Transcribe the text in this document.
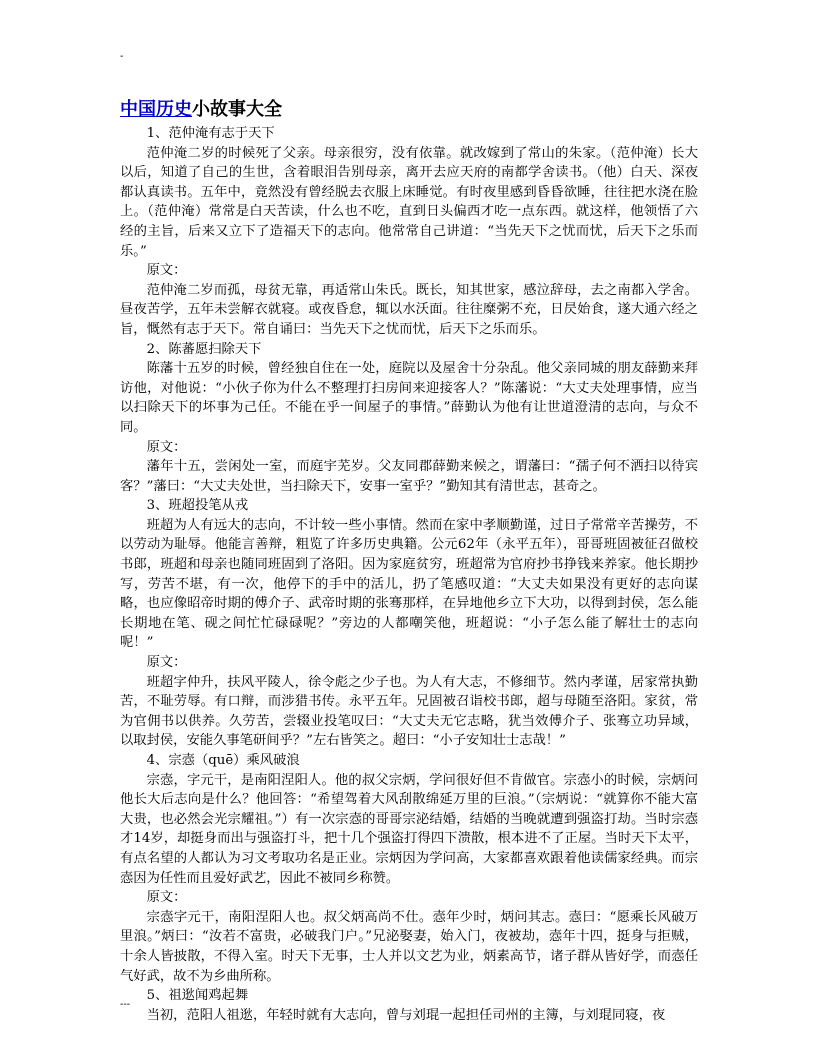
-
中国历史小故事大全
1、范仲淹有志于天下
范仲淹二岁的时候死了父亲。母亲很穷，没有依靠。就改嫁到了常山的朱家。（范仲淹）长大以后，知道了自己的生世，含着眼泪告别母亲，离开去应天府的南都学舍读书。（他）白天、深夜都认真读书。五年中，竟然没有曾经脱去衣服上床睡觉。有时夜里感到昏昏欲睡，往往把水浇在脸上。（范仲淹）常常是白天苦读，什么也不吃，直到日头偏西才吃一点东西。就这样，他领悟了六经的主旨，后来又立下了造福天下的志向。他常常自己讲道：“当先天下之忧而忧，后天下之乐而乐。”
原文：
范仲淹二岁而孤，母贫无靠，再适常山朱氏。既长，知其世家，感泣辞母，去之南都入学舍。昼夜苦学，五年未尝解衣就寝。或夜昏怠，辄以水沃面。往往糜粥不充，日昃始食，遂大通六经之旨，慨然有志于天下。常自诵曰：当先天下之忧而忧，后天下之乐而乐。
2、陈蕃愿扫除天下
陈藩十五岁的时候，曾经独自住在一处，庭院以及屋舍十分杂乱。他父亲同城的朋友薛勤来拜访他，对他说：“小伙子你为什么不整理打扫房间来迎接客人？”陈藩说：“大丈夫处理事情，应当以扫除天下的坏事为己任。不能在乎一间屋子的事情。”薛勤认为他有让世道澄清的志向，与众不同。
原文：
藩年十五，尝闲处一室，而庭宇芜岁。父友同郡薛勤来候之，谓藩曰：“孺子何不洒扫以待宾客？”藩曰：“大丈夫处世，当扫除天下，安事一室乎？”勤知其有清世志，甚奇之。
3、班超投笔从戎
班超为人有远大的志向，不计较一些小事情。然而在家中孝顺勤谨，过日子常常辛苦操劳，不以劳动为耻辱。他能言善辩，粗览了许多历史典籍。公元62年（永平五年），哥哥班固被征召做校书郎，班超和母亲也随同班固到了洛阳。因为家庭贫穷，班超常为官府抄书挣钱来养家。他长期抄写，劳苦不堪，有一次，他停下的手中的活儿，扔了笔感叹道：“大丈夫如果没有更好的志向谋略，也应像昭帝时期的傅介子、武帝时期的张骞那样，在异地他乡立下大功，以得到封侯，怎么能长期地在笔、砚之间忙忙碌碌呢？”旁边的人都嘲笑他，班超说：“小子怎么能了解壮士的志向呢！”
原文：
班超字仲升，扶风平陵人，徐令彪之少子也。为人有大志，不修细节。然内孝谨，居家常执勤苦，不耻劳辱。有口辩，而涉猎书传。永平五年。兄固被召诣校书郎，超与母随至洛阳。家贫，常为官佣书以供养。久劳苦，尝辍业投笔叹曰：“大丈夫无它志略，犹当效傅介子、张骞立功异域，以取封侯，安能久事笔研间乎？”左右皆笑之。超曰：“小子安知壮士志哉！”
4、宗悫（quē）乘风破浪
宗悫，字元干，是南阳涅阳人。他的叔父宗炳，学问很好但不肯做官。宗悫小的时候，宗炳问他长大后志向是什么？他回答：“希望驾着大风刮散绵延万里的巨浪。”（宗炳说：“就算你不能大富大贵，也必然会光宗耀祖。”）有一次宗悫的哥哥宗泌结婚，结婚的当晚就遭到强盗打劫。当时宗悫才14岁，却挺身而出与强盗打斗，把十几个强盗打得四下溃散，根本进不了正屋。当时天下太平，有点名望的人都认为习文考取功名是正业。宗炳因为学问高，大家都喜欢跟着他读儒家经典。而宗悫因为任性而且爱好武艺，因此不被同乡称赞。
原文：
宗悫字元干，南阳涅阳人也。叔父炳高尚不仕。悫年少时，炳问其志。悫曰：“愿乘长风破万里浪。”炳曰：“汝若不富贵，必破我门户。”兄泌娶妻，始入门，夜被劫，悫年十四，挺身与拒贼，十余人皆披散，不得入室。时天下无事，士人并以文艺为业，炳素高节，诸子群从皆好学，而悫任气好武，故不为乡曲所称。
5、祖逖闻鸡起舞
当初，范阳人祖逖，年轻时就有大志向，曾与刘琨一起担任司州的主簿，与刘琨同寝，夜
---
